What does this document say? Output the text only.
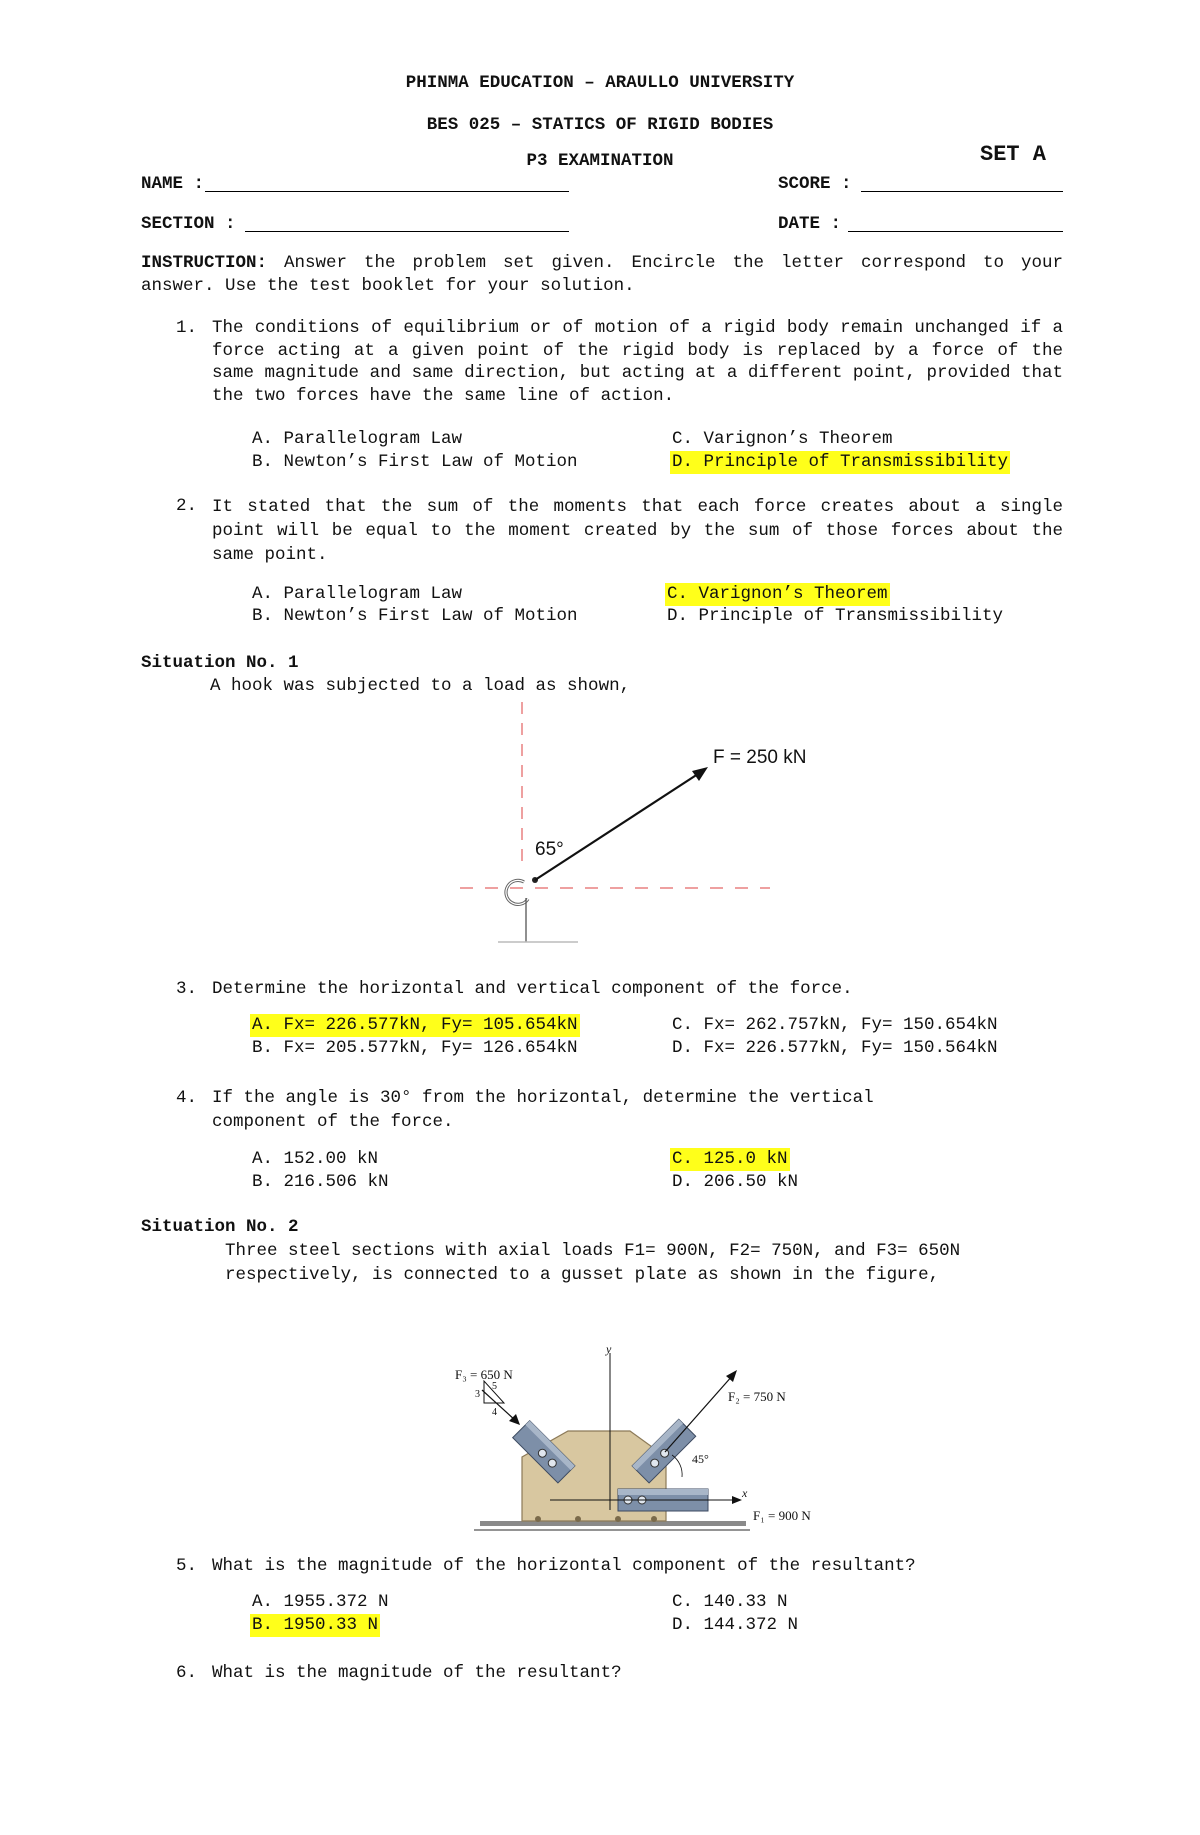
PHINMA EDUCATION – ARAULLO UNIVERSITY
BES 025 – STATICS OF RIGID BODIES
P3 EXAMINATION	SET A
NAME :	SCORE :
SECTION :	DATE :
INSTRUCTION: Answer the problem set given. Encircle the letter correspond to your answer. Use the test booklet for your solution.
1. The conditions of equilibrium or of motion of a rigid body remain unchanged if a force acting at a given point of the rigid body is replaced by a force of the same magnitude and same direction, but acting at a different point, provided that the two forces have the same line of action.
A. Parallelogram Law
B. Newton’s First Law of Motion
C. Varignon’s Theorem
D. Principle of Transmissibility
2. It stated that the sum of the moments that each force creates about a single point will be equal to the moment created by the sum of those forces about the same point.
A. Parallelogram Law
B. Newton’s First Law of Motion
C. Varignon’s Theorem
D. Principle of Transmissibility
Situation No. 1
A hook was subjected to a load as shown,
F = 250 kN
65°
3. Determine the horizontal and vertical component of the force.
A. Fx= 226.577kN, Fy= 105.654kN
B. Fx= 205.577kN, Fy= 126.654kN
C. Fx= 262.757kN, Fy= 150.654kN
D. Fx= 226.577kN, Fy= 150.564kN
4. If the angle is 30° from the horizontal, determine the vertical
component of the force.
A. 152.00 kN
B. 216.506 kN
C. 125.0 kN
D. 206.50 kN
Situation No. 2
Three steel sections with axial loads F1= 900N, F2= 750N, and F3= 650N
respectively, is connected to a gusset plate as shown in the figure,
y
x
5
3
4
45°
F₃ = 650 N
F₂ = 750 N
F₁ = 900 N
5. What is the magnitude of the horizontal component of the resultant?
A. 1955.372 N
B. 1950.33 N
C. 140.33 N
D. 144.372 N
6. What is the magnitude of the resultant?
